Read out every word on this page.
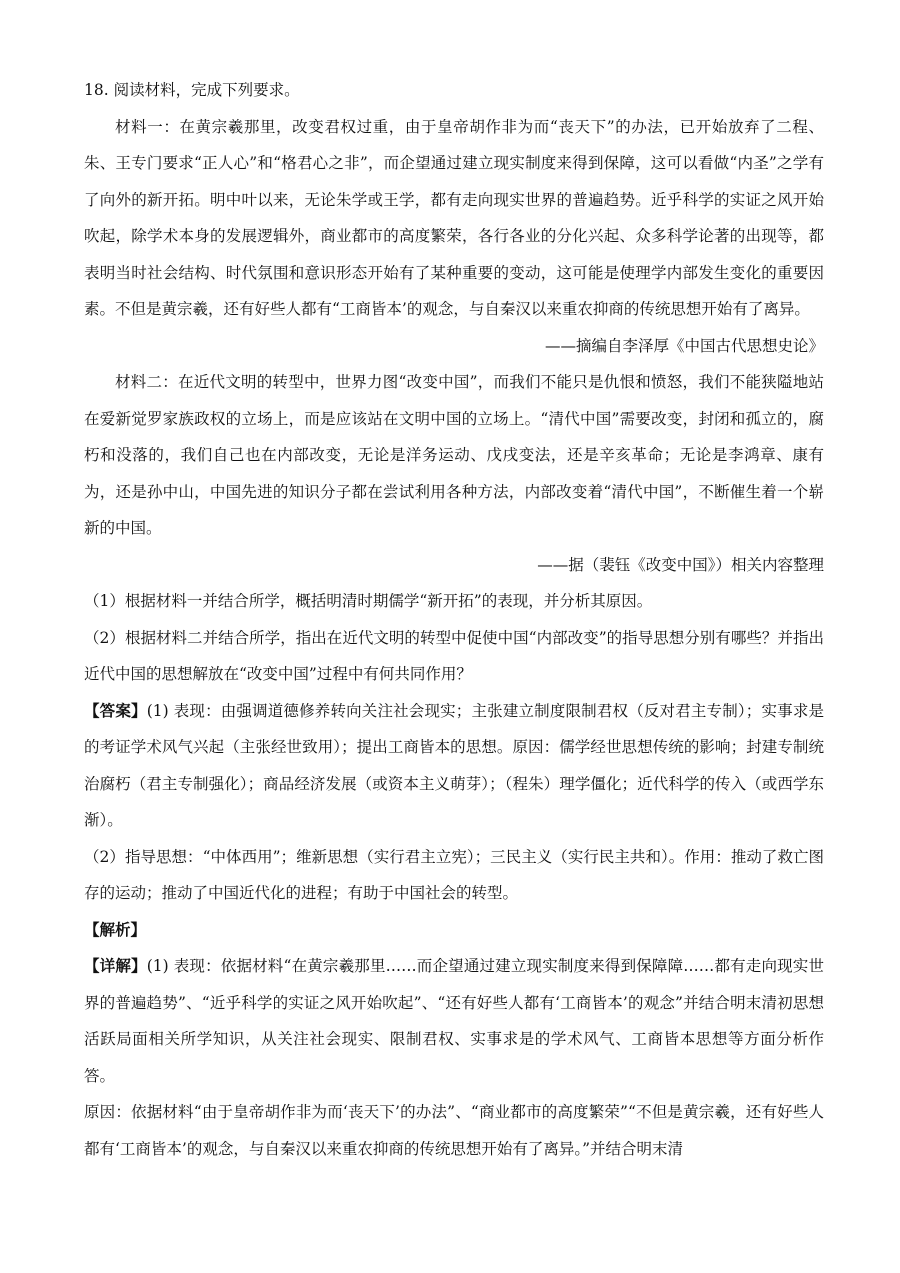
18. 阅读材料，完成下列要求。
材料一：在黄宗羲那里，改变君权过重，由于皇帝胡作非为而“丧天下”的办法，已开始放弃了二程、朱、王专门要求“正人心”和“格君心之非”，而企望通过建立现实制度来得到保障，这可以看做“内圣”之学有了向外的新开拓。明中叶以来，无论朱学或王学，都有走向现实世界的普遍趋势。近乎科学的实证之风开始吹起，除学术本身的发展逻辑外，商业都市的高度繁荣，各行各业的分化兴起、众多科学论著的出现等，都表明当时社会结构、时代氛围和意识形态开始有了某种重要的变动，这可能是使理学内部发生变化的重要因素。不但是黄宗羲，还有好些人都有“工商皆本’的观念，与自秦汉以来重农抑商的传统思想开始有了离异。
——摘编自李泽厚《中国古代思想史论》
材料二：在近代文明的转型中，世界力图“改变中国”，而我们不能只是仇恨和愤怒，我们不能狭隘地站在爱新觉罗家族政权的立场上，而是应该站在文明中国的立场上。“清代中国”需要改变，封闭和孤立的，腐朽和没落的，我们自己也在内部改变，无论是洋务运动、戊戌变法，还是辛亥革命；无论是李鸿章、康有为，还是孙中山，中国先进的知识分子都在尝试利用各种方法，内部改变着“清代中国”，不断催生着一个崭新的中国。
——据（裴钰《改变中国》）相关内容整理
（1）根据材料一并结合所学，概括明清时期儒学“新开拓”的表现，并分析其原因。
（2）根据材料二并结合所学，指出在近代文明的转型中促使中国“内部改变”的指导思想分别有哪些？并指出近代中国的思想解放在“改变中国”过程中有何共同作用？
【答案】(1) 表现：由强调道德修养转向关注社会现实；主张建立制度限制君权（反对君主专制）；实事求是的考证学术风气兴起（主张经世致用）；提出工商皆本的思想。原因：儒学经世思想传统的影响；封建专制统治腐朽（君主专制强化）；商品经济发展（或资本主义萌芽）；（程朱）理学僵化；近代科学的传入（或西学东渐）。
（2）指导思想：“中体西用”；维新思想（实行君主立宪）；三民主义（实行民主共和）。作用：推动了救亡图存的运动；推动了中国近代化的进程；有助于中国社会的转型。
【解析】
【详解】(1) 表现：依据材料“在黄宗羲那里……而企望通过建立现实制度来得到保障障……都有走向现实世界的普遍趋势”、“近乎科学的实证之风开始吹起”、“还有好些人都有‘工商皆本’的观念”并结合明末清初思想活跃局面相关所学知识，从关注社会现实、限制君权、实事求是的学术风气、工商皆本思想等方面分析作答。
原因：依据材料“由于皇帝胡作非为而‘丧天下’的办法”、“商业都市的高度繁荣”“不但是黄宗羲，还有好些人都有‘工商皆本’的观念，与自秦汉以来重农抑商的传统思想开始有了离异。”并结合明末清
